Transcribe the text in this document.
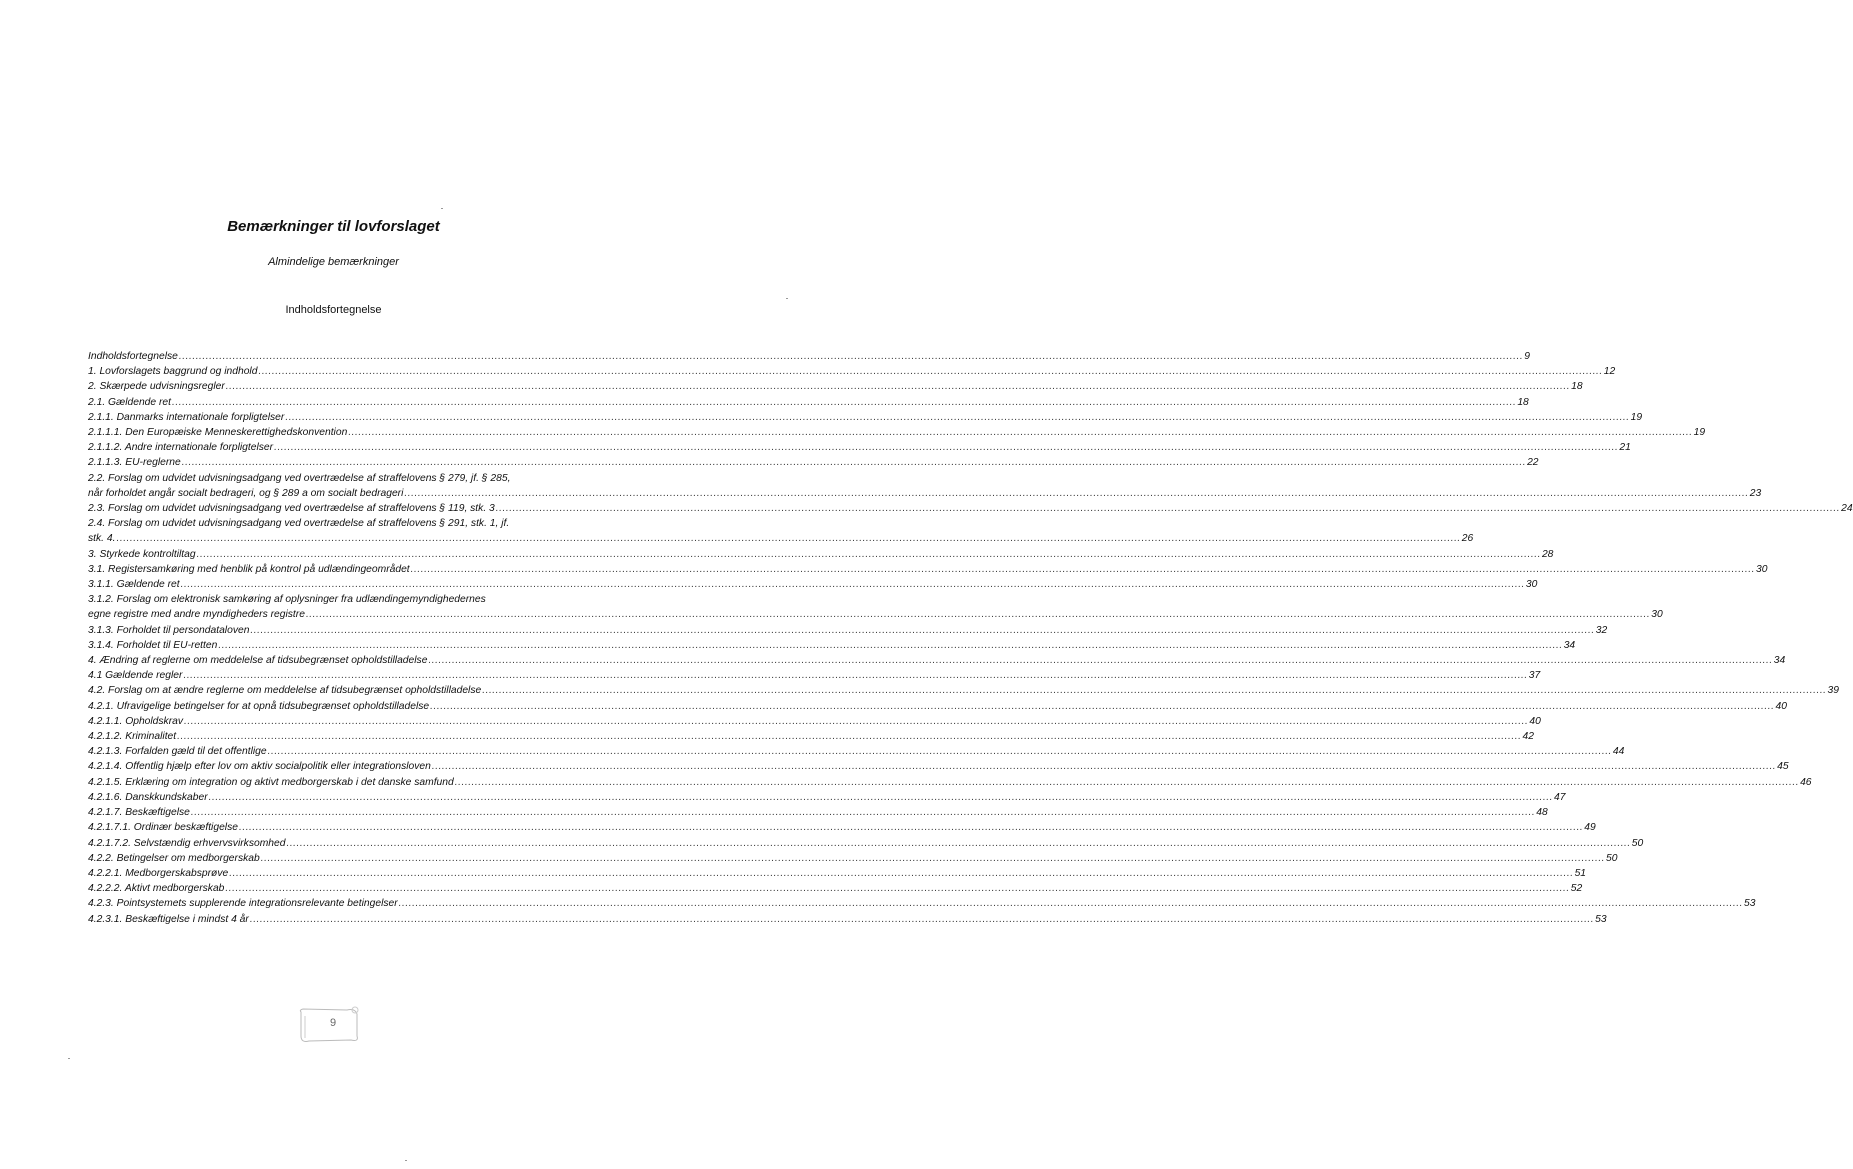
Bemærkninger til lovforslaget
Almindelige bemærkninger
Indholdsfortegnelse
Indholdsfortegnelse ................................................................................................................................................................................................................................................................................................................................................................................................................ 9
1. Lovforslagets baggrund og indhold ................................................................................................................................................................................................................................................................................................................................................................................................................ 12
2. Skærpede udvisningsregler ................................................................................................................................................................................................................................................................................................................................................................................................................ 18
2.1. Gældende ret ................................................................................................................................................................................................................................................................................................................................................................................................................ 18
2.1.1. Danmarks internationale forpligtelser ................................................................................................................................................................................................................................................................................................................................................................................................................ 19
2.1.1.1. Den Europæiske Menneskerettighedskonvention ................................................................................................................................................................................................................................................................................................................................................................................................................ 19
2.1.1.2. Andre internationale forpligtelser ................................................................................................................................................................................................................................................................................................................................................................................................................ 21
2.1.1.3. EU-reglerne ................................................................................................................................................................................................................................................................................................................................................................................................................ 22
2.2. Forslag om udvidet udvisningsadgang ved overtrædelse af straffelovens § 279, jf. § 285,
når forholdet angår socialt bedrageri, og § 289 a om socialt bedrageri ................................................................................................................................................................................................................................................................................................................................................................................................................ 23
2.3. Forslag om udvidet udvisningsadgang ved overtrædelse af straffelovens § 119, stk. 3 ................................................................................................................................................................................................................................................................................................................................................................................................................ 24
2.4. Forslag om udvidet udvisningsadgang ved overtrædelse af straffelovens § 291, stk. 1, jf.
stk. 4. ................................................................................................................................................................................................................................................................................................................................................................................................................ 26
3. Styrkede kontroltiltag ................................................................................................................................................................................................................................................................................................................................................................................................................ 28
3.1. Registersamkøring med henblik på kontrol på udlændingeområdet ................................................................................................................................................................................................................................................................................................................................................................................................................ 30
3.1.1. Gældende ret ................................................................................................................................................................................................................................................................................................................................................................................................................ 30
3.1.2. Forslag om elektronisk samkøring af oplysninger fra udlændingemyndighedernes
egne registre med andre myndigheders registre ................................................................................................................................................................................................................................................................................................................................................................................................................ 30
3.1.3. Forholdet til persondataloven ................................................................................................................................................................................................................................................................................................................................................................................................................ 32
3.1.4. Forholdet til EU-retten ................................................................................................................................................................................................................................................................................................................................................................................................................ 34
4. Ændring af reglerne om meddelelse af tidsubegrænset opholdstilladelse ................................................................................................................................................................................................................................................................................................................................................................................................................ 34
4.1 Gældende regler ................................................................................................................................................................................................................................................................................................................................................................................................................ 37
4.2. Forslag om at ændre reglerne om meddelelse af tidsubegrænset opholdstilladelse ................................................................................................................................................................................................................................................................................................................................................................................................................ 39
4.2.1. Ufravigelige betingelser for at opnå tidsubegrænset opholdstilladelse ................................................................................................................................................................................................................................................................................................................................................................................................................ 40
4.2.1.1. Opholdskrav ................................................................................................................................................................................................................................................................................................................................................................................................................ 40
4.2.1.2. Kriminalitet ................................................................................................................................................................................................................................................................................................................................................................................................................ 42
4.2.1.3. Forfalden gæld til det offentlige ................................................................................................................................................................................................................................................................................................................................................................................................................ 44
4.2.1.4. Offentlig hjælp efter lov om aktiv socialpolitik eller integrationsloven ................................................................................................................................................................................................................................................................................................................................................................................................................ 45
4.2.1.5. Erklæring om integration og aktivt medborgerskab i det danske samfund ................................................................................................................................................................................................................................................................................................................................................................................................................ 46
4.2.1.6. Danskkundskaber ................................................................................................................................................................................................................................................................................................................................................................................................................ 47
4.2.1.7. Beskæftigelse ................................................................................................................................................................................................................................................................................................................................................................................................................ 48
4.2.1.7.1. Ordinær beskæftigelse ................................................................................................................................................................................................................................................................................................................................................................................................................ 49
4.2.1.7.2. Selvstændig erhvervsvirksomhed ................................................................................................................................................................................................................................................................................................................................................................................................................ 50
4.2.2. Betingelser om medborgerskab ................................................................................................................................................................................................................................................................................................................................................................................................................ 50
4.2.2.1. Medborgerskabsprøve ................................................................................................................................................................................................................................................................................................................................................................................................................ 51
4.2.2.2. Aktivt medborgerskab ................................................................................................................................................................................................................................................................................................................................................................................................................ 52
4.2.3. Pointsystemets supplerende integrationsrelevante betingelser ................................................................................................................................................................................................................................................................................................................................................................................................................ 53
4.2.3.1. Beskæftigelse i mindst 4 år ................................................................................................................................................................................................................................................................................................................................................................................................................ 53
9
